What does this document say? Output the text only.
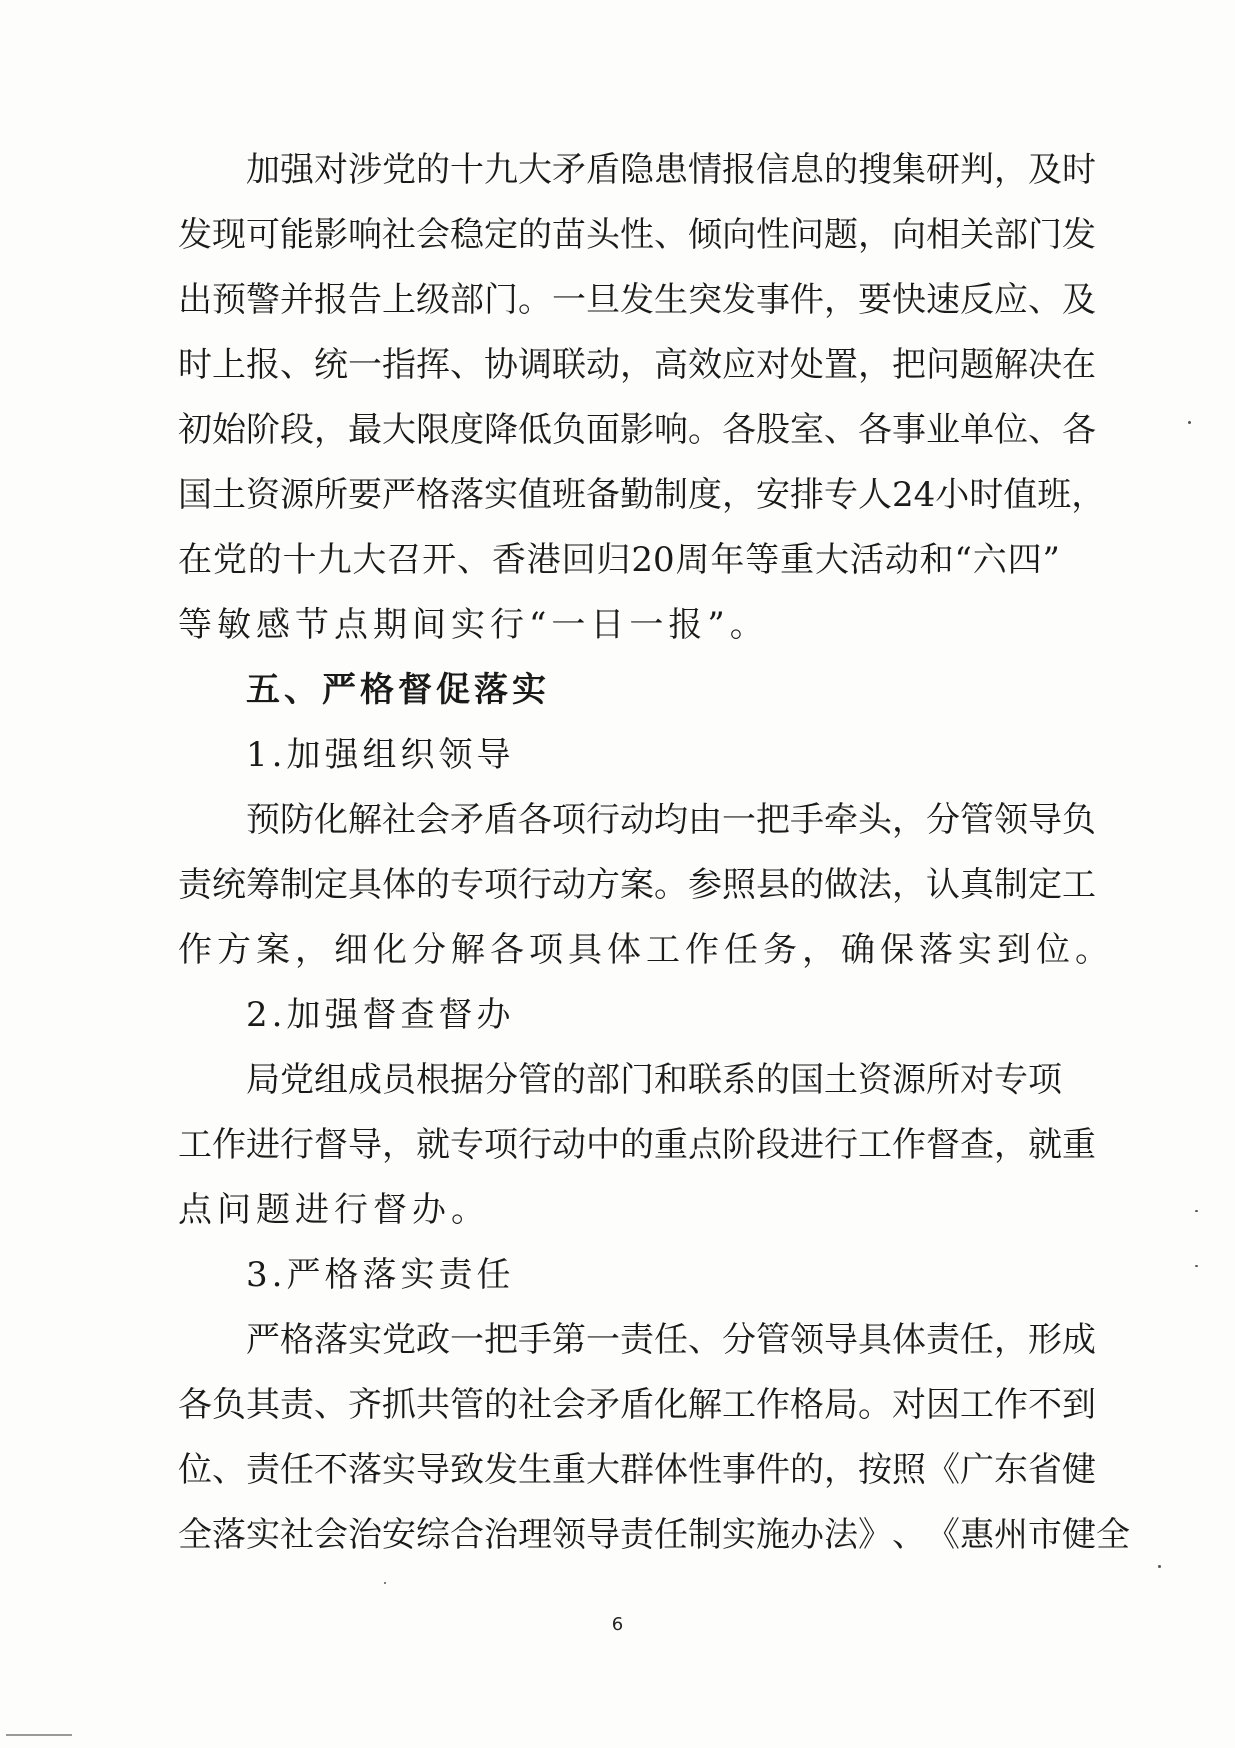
加 强 对 涉 党 的 十 九 大 矛 盾 隐 患 情 报 信 息 的 搜 集 研 判 ， 及 时
发 现 可 能 影 响 社 会 稳 定 的 苗 头 性 、 倾 向 性 问 题 ， 向 相 关 部 门 发
出 预 警 并 报 告 上 级 部 门 。 一 旦 发 生 突 发 事 件 ， 要 快 速 反 应 、 及
时 上 报 、 统 一 指 挥 、 协 调 联 动 ， 高 效 应 对 处 置 ， 把 问 题 解 决 在
初 始 阶 段 ， 最 大 限 度 降 低 负 面 影 响 。 各 股 室 、 各 事 业 单 位 、 各
国 土 资 源 所 要 严 格 落 实 值 班 备 勤 制 度 ， 安 排 专 人 24 小 时 值 班 ，
在 党 的 十 九 大 召 开 、 香 港 回 归 20 周 年 等 重 大 活 动 和 “ 六 四 ”
等敏感节点期间实行“一日一报”。
五、严格督促落实
1.加强组织领导
预 防 化 解 社 会 矛 盾 各 项 行 动 均 由 一 把 手 牵 头 ， 分 管 领 导 负
责 统 筹 制 定 具 体 的 专 项 行 动 方 案 。 参 照 县 的 做 法 ， 认 真 制 定 工
作方案，细化分解各项具体工作任务，确保落实到位。
2.加强督查督办
局 党 组 成 员 根 据 分 管 的 部 门 和 联 系 的 国 土 资 源 所 对 专 项
工 作 进 行 督 导 ， 就 专 项 行 动 中 的 重 点 阶 段 进 行 工 作 督 查 ， 就 重
点问题进行督办。
3.严格落实责任
严 格 落 实 党 政 一 把 手 第 一 责 任 、 分 管 领 导 具 体 责 任 ， 形 成
各 负 其 责 、 齐 抓 共 管 的 社 会 矛 盾 化 解 工 作 格 局 。 对 因 工 作 不 到
位 、 责 任 不 落 实 导 致 发 生 重 大 群 体 性 事 件 的 ， 按 照 《 广 东 省 健
全 落 实 社 会 治 安 综 合 治 理 领 导 责 任 制 实 施 办 法 》 、 《 惠 州 市 健 全
6
